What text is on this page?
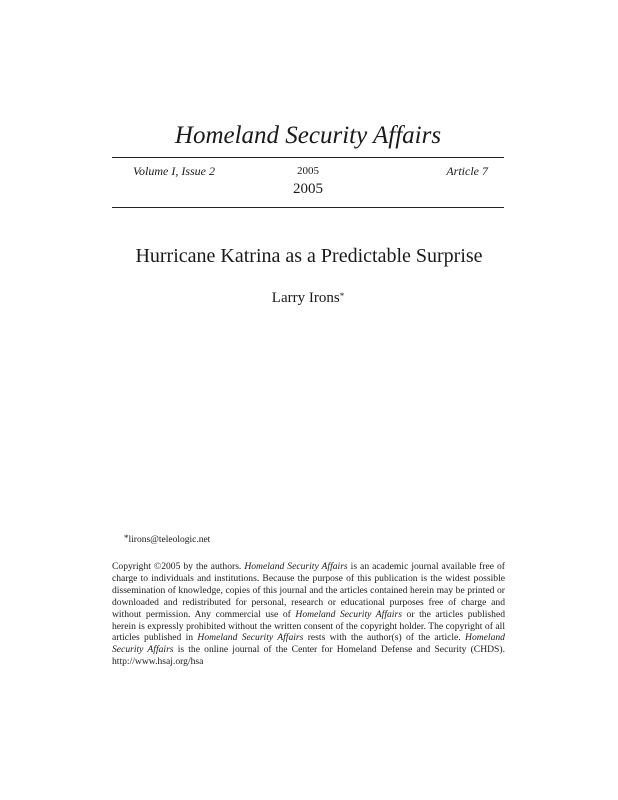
Homeland Security Affairs
Volume I, Issue 2	2005	Article 7
2005
Hurricane Katrina as a Predictable Surprise
Larry Irons*
*lirons@teleologic.net

Copyright ©2005 by the authors. Homeland Security Affairs is an academic journal available free of charge to individuals and institutions. Because the purpose of this publication is the widest possible dissemination of knowledge, copies of this journal and the articles contained herein may be printed or downloaded and redistributed for personal, research or educational purposes free of charge and without permission. Any commercial use of Homeland Security Affairs or the articles published herein is expressly prohibited without the written consent of the copyright holder. The copyright of all articles published in Homeland Security Affairs rests with the author(s) of the article. Homeland Security Affairs is the online journal of the Center for Homeland Defense and Security (CHDS). http://www.hsaj.org/hsa
